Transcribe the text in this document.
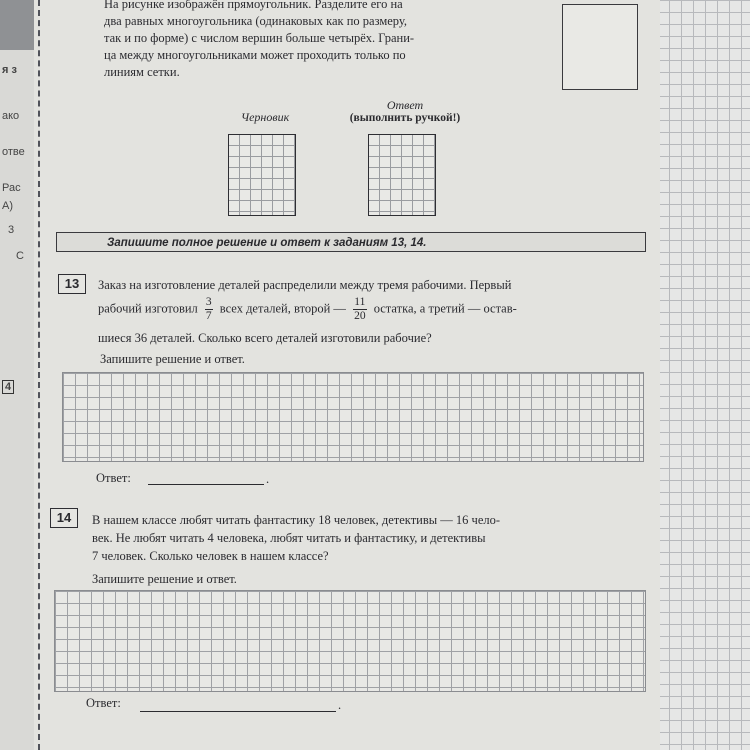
я з
ако
отве
Рас
А)
3
С
4

На рисунке изображён прямоугольник. Разделите его на

два равных многоугольника (одинаковых как по размеру,

так и по форме) с числом вершин больше четырёх. Грани-

ца между многоугольниками может проходить только по

линиям сетки.

Черновик
Ответ
(выполнить ручкой!)
Запишите полное решение и ответ к заданиям 13, 14.
13	Заказ на изготовление деталей распределили между тремя рабочими. Первый

рабочий изготовил $\frac{3}{7}$ всех деталей, второй — $\frac{11}{20}$ остатка, а третий — остав-

шиеся 36 деталей. Сколько всего деталей изготовили рабочие?

Запишите решение и ответ.
Ответ:	.
14	В нашем классе любят читать фантастику 18 человек, детективы — 16 чело-

век. Не любят читать 4 человека, любят читать и фантастику, и детективы

7 человек. Сколько человек в нашем классе?

Запишите решение и ответ.
Ответ:	.
